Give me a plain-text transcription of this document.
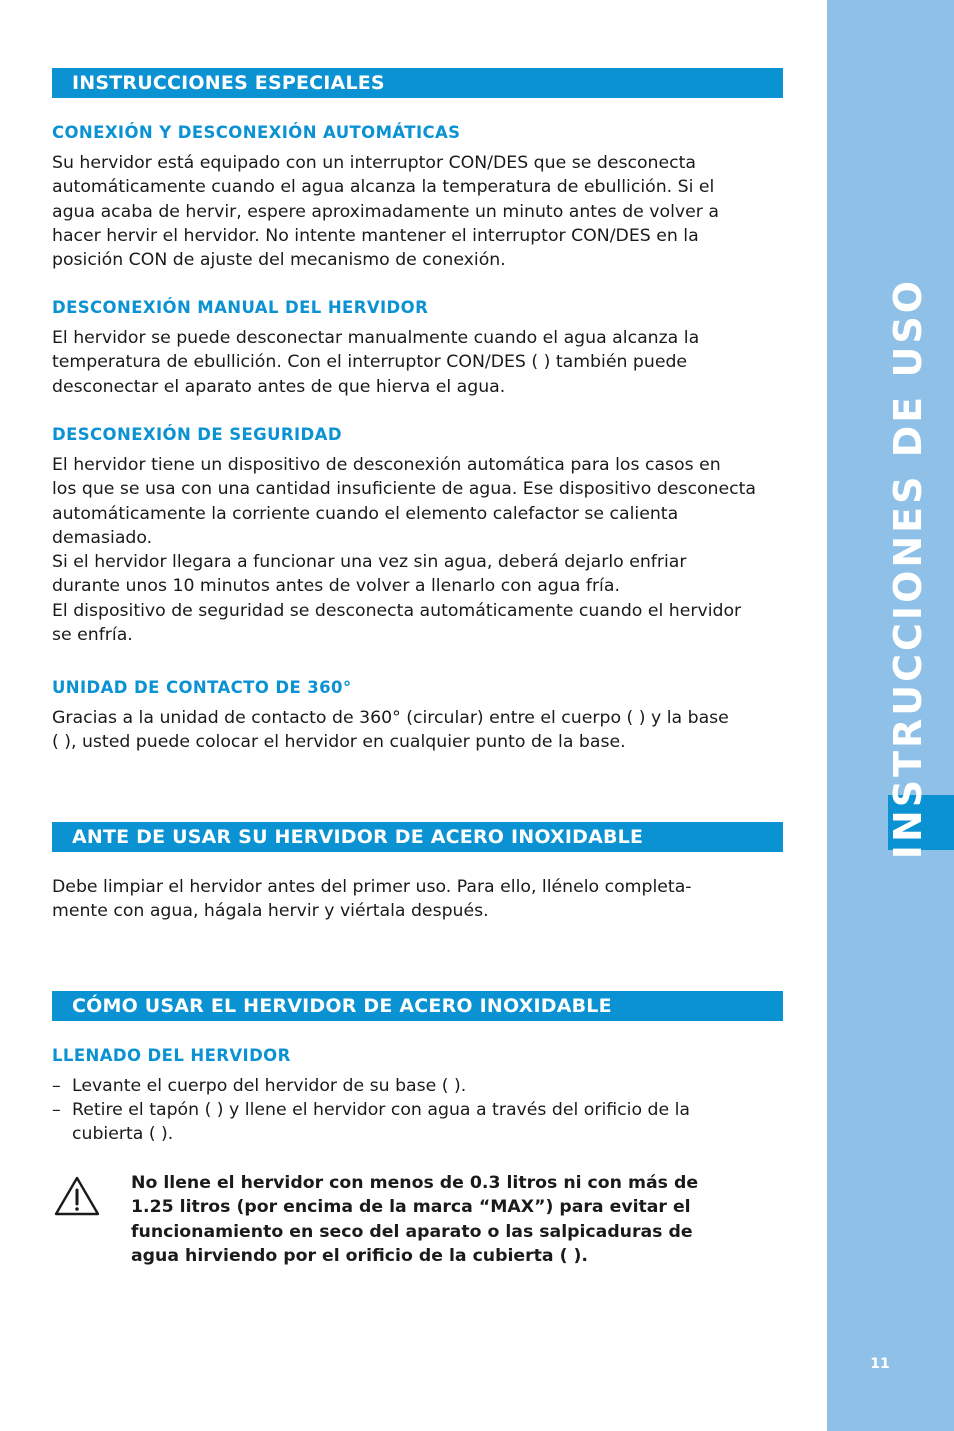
INSTRUCCIONES DE USO
11
INSTRUCCIONES ESPECIALES
CONEXIÓN Y DESCONEXIÓN AUTOMÁTICAS
Su hervidor está equipado con un interruptor CON/DES que se desconecta
automáticamente cuando el agua alcanza la temperatura de ebullición. Si el
agua acaba de hervir, espere aproximadamente un minuto antes de volver a
hacer hervir el hervidor. No intente mantener el interruptor CON/DES en la
posición CON de ajuste del mecanismo de conexión.
DESCONEXIÓN MANUAL DEL HERVIDOR
El hervidor se puede desconectar manualmente cuando el agua alcanza la
temperatura de ebullición. Con el interruptor CON/DES ( ) también puede
desconectar el aparato antes de que hierva el agua.
DESCONEXIÓN DE SEGURIDAD
El hervidor tiene un dispositivo de desconexión automática para los casos en
los que se usa con una cantidad insuficiente de agua. Ese dispositivo desconecta
automáticamente la corriente cuando el elemento calefactor se calienta
demasiado.
Si el hervidor llegara a funcionar una vez sin agua, deberá dejarlo enfriar
durante unos 10 minutos antes de volver a llenarlo con agua fría.
El dispositivo de seguridad se desconecta automáticamente cuando el hervidor
se enfría.
UNIDAD DE CONTACTO DE 360°
Gracias a la unidad de contacto de 360° (circular) entre el cuerpo ( ) y la base
( ), usted puede colocar el hervidor en cualquier punto de la base.
ANTE DE USAR SU HERVIDOR DE ACERO INOXIDABLE
Debe limpiar el hervidor antes del primer uso. Para ello, llénelo completa-
mente con agua, hágala hervir y viértala después.
CÓMO USAR EL HERVIDOR DE ACERO INOXIDABLE
LLENADO DEL HERVIDOR
– Levante el cuerpo del hervidor de su base ( ).
– Retire el tapón ( ) y llene el hervidor con agua a través del orificio de la
cubierta ( ).
No llene el hervidor con menos de 0.3 litros ni con más de
1.25 litros (por encima de la marca “MAX”) para evitar el
funcionamiento en seco del aparato o las salpicaduras de
agua hirviendo por el orificio de la cubierta ( ).
